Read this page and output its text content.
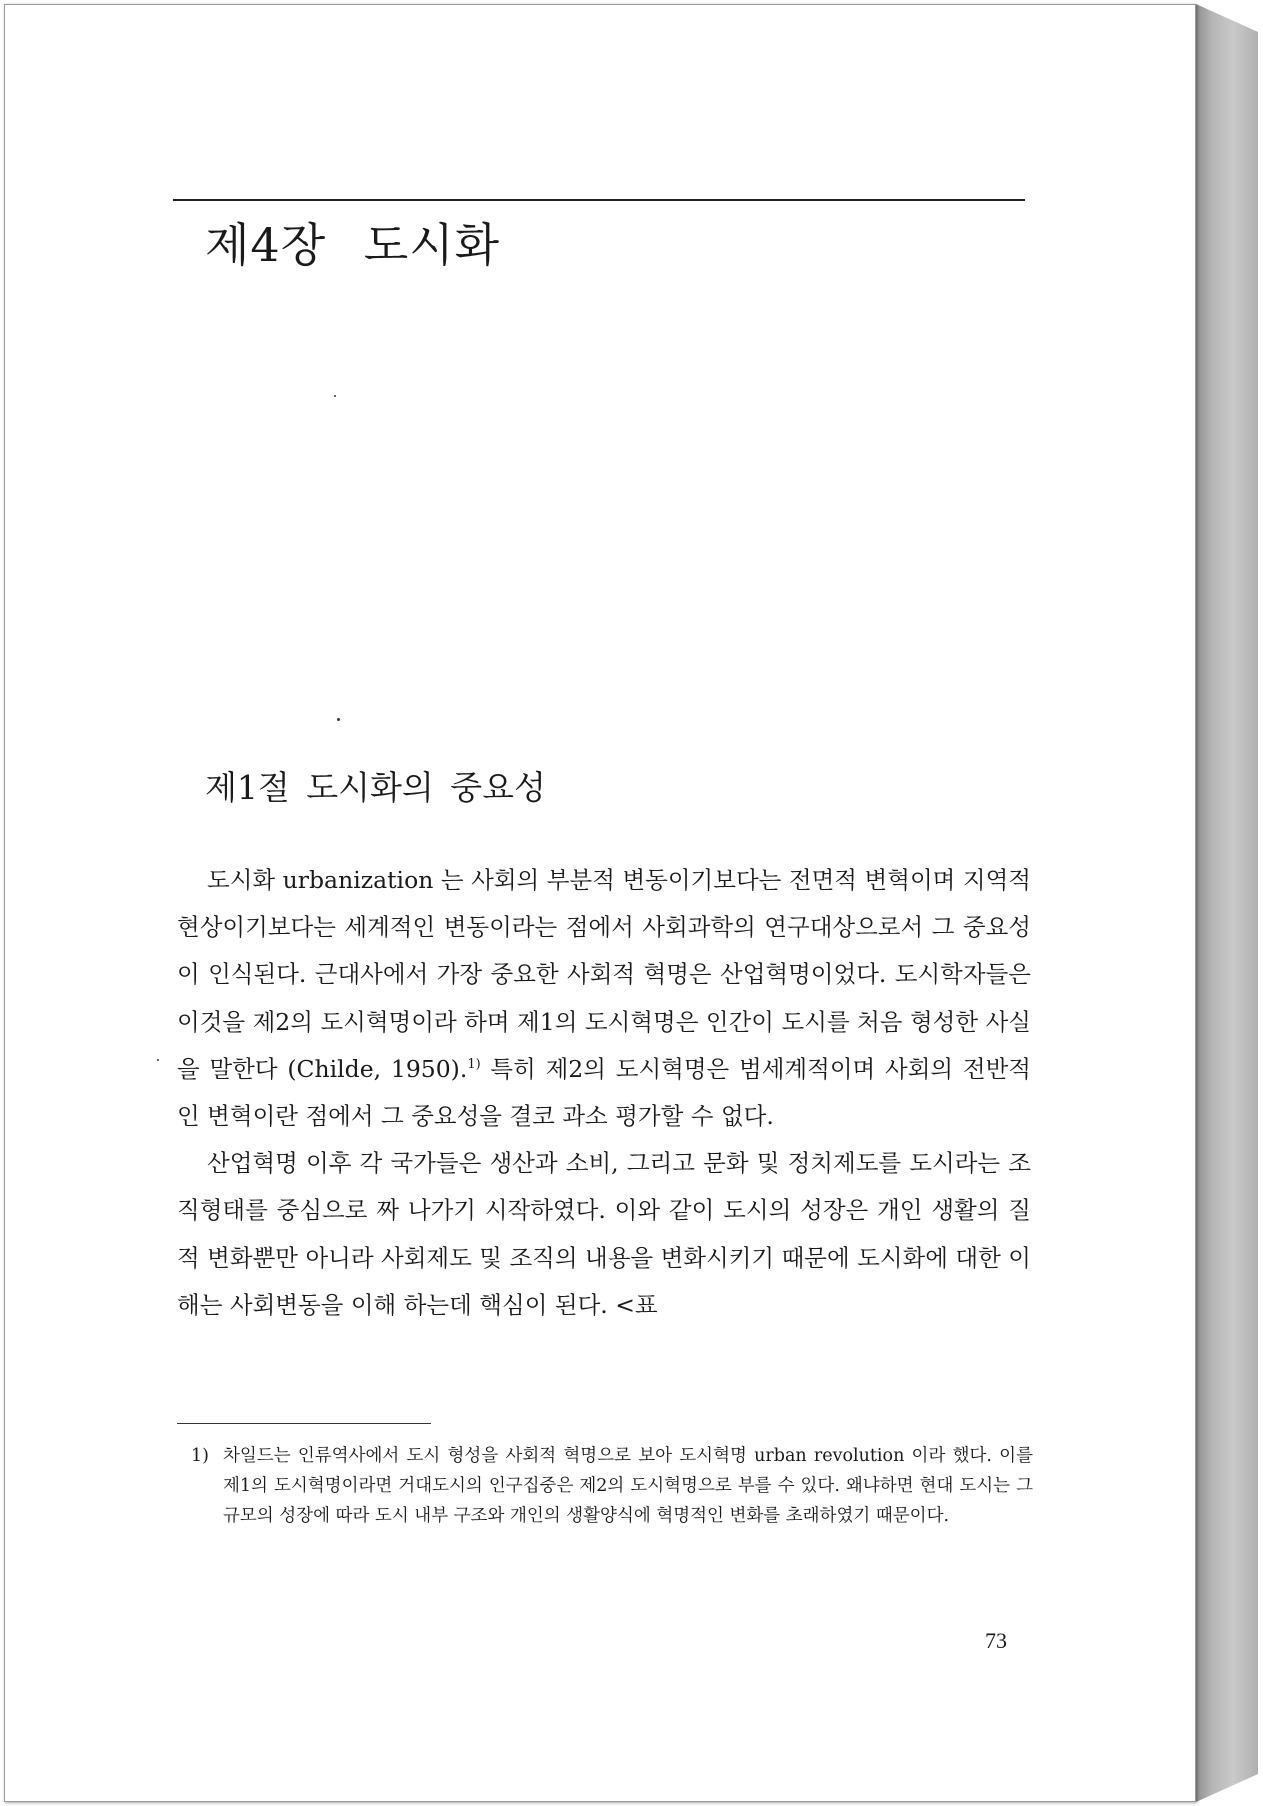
제4장 도시화
제1절 도시화의 중요성

도시화 urbanization 는 사회의 부분적 변동이기보다는 전면적 변혁이며 지역적 현상이기보다는 세계적인 변동이라는 점에서 사회과학의 연구대상으로서 그 중요성이 인식된다. 근대사에서 가장 중요한 사회적 혁명은 산업혁명이었다. 도시학자들은 이것을 제2의 도시혁명이라 하며 제1의 도시혁명은 인간이 도시를 처음 형성한 사실을 말한다 (Childe, 1950).$^{1)}$ 특히 제2의 도시혁명은 범세계적이며 사회의 전반적인 변혁이란 점에서 그 중요성을 결코 과소 평가할 수 없다.

산업혁명 이후 각 국가들은 생산과 소비, 그리고 문화 및 정치제도를 도시라는 조직형태를 중심으로 짜 나가기 시작하였다. 이와 같이 도시의 성장은 개인 생활의 질적 변화뿐만 아니라 사회제도 및 조직의 내용을 변화시키기 때문에 도시화에 대한 이해는 사회변동을 이해 하는데 핵심이 된다. <표

1) 차일드는 인류역사에서 도시 형성을 사회적 혁명으로 보아 도시혁명 urban revolution 이라 했다. 이를 제1의 도시혁명이라면 거대도시의 인구집중은 제2의 도시혁명으로 부를 수 있다. 왜냐하면 현대 도시는 그 규모의 성장에 따라 도시 내부 구조와 개인의 생활양식에 혁명적인 변화를 초래하였기 때문이다.
73
